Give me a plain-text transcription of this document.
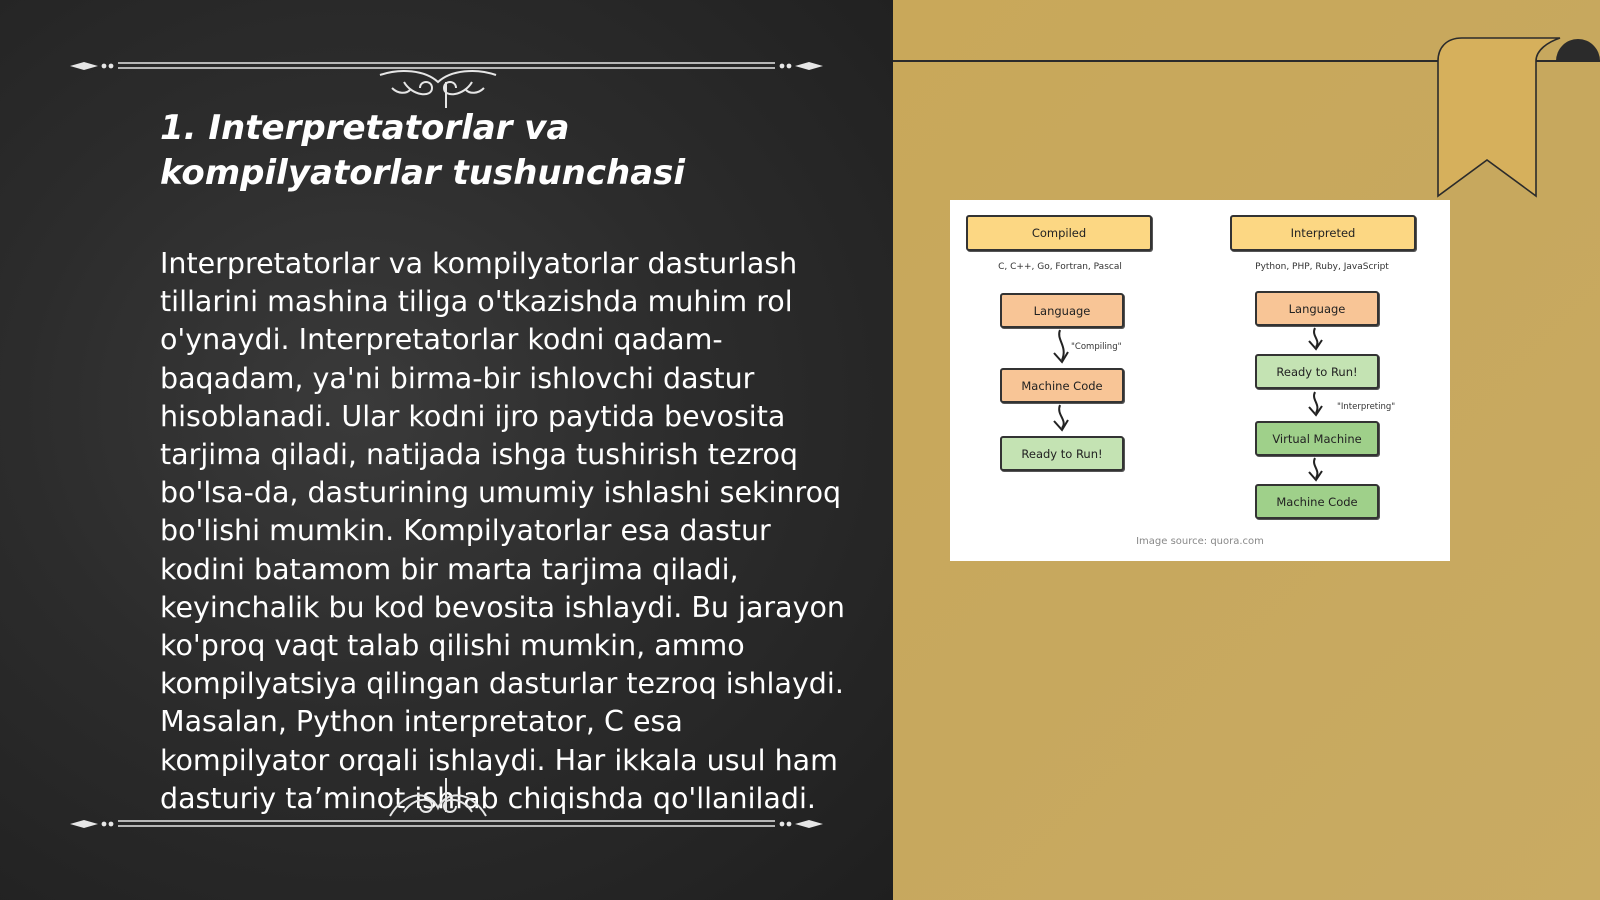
1. Interpretatorlar va kompilyatorlar tushunchasi

Interpretatorlar va kompilyatorlar dasturlash tillarini mashina tiliga o'tkazishda muhim rol o'ynaydi. Interpretatorlar kodni qadam-baqadam, ya'ni birma-bir ishlovchi dastur hisoblanadi. Ular kodni ijro paytida bevosita tarjima qiladi, natijada ishga tushirish tezroq bo'lsa-da, dasturining umumiy ishlashi sekinroq bo'lishi mumkin. Kompilyatorlar esa dastur kodini batamom bir marta tarjima qiladi, keyinchalik bu kod bevosita ishlaydi. Bu jarayon ko'proq vaqt talab qilishi mumkin, ammo kompilyatsiya qilingan dasturlar tezroq ishlaydi. Masalan, Python interpretator, C esa kompilyator orqali ishlaydi. Har ikkala usul ham dasturiy ta’minot ishlab chiqishda qo'llaniladi.

Compiled
C, C++, Go, Fortran, Pascal
Language
"Compiling"
Machine Code
Ready to Run!
Interpreted
Python, PHP, Ruby, JavaScript
Language
Ready to Run!
"Interpreting"
Virtual Machine
Machine Code
Image source: quora.com
